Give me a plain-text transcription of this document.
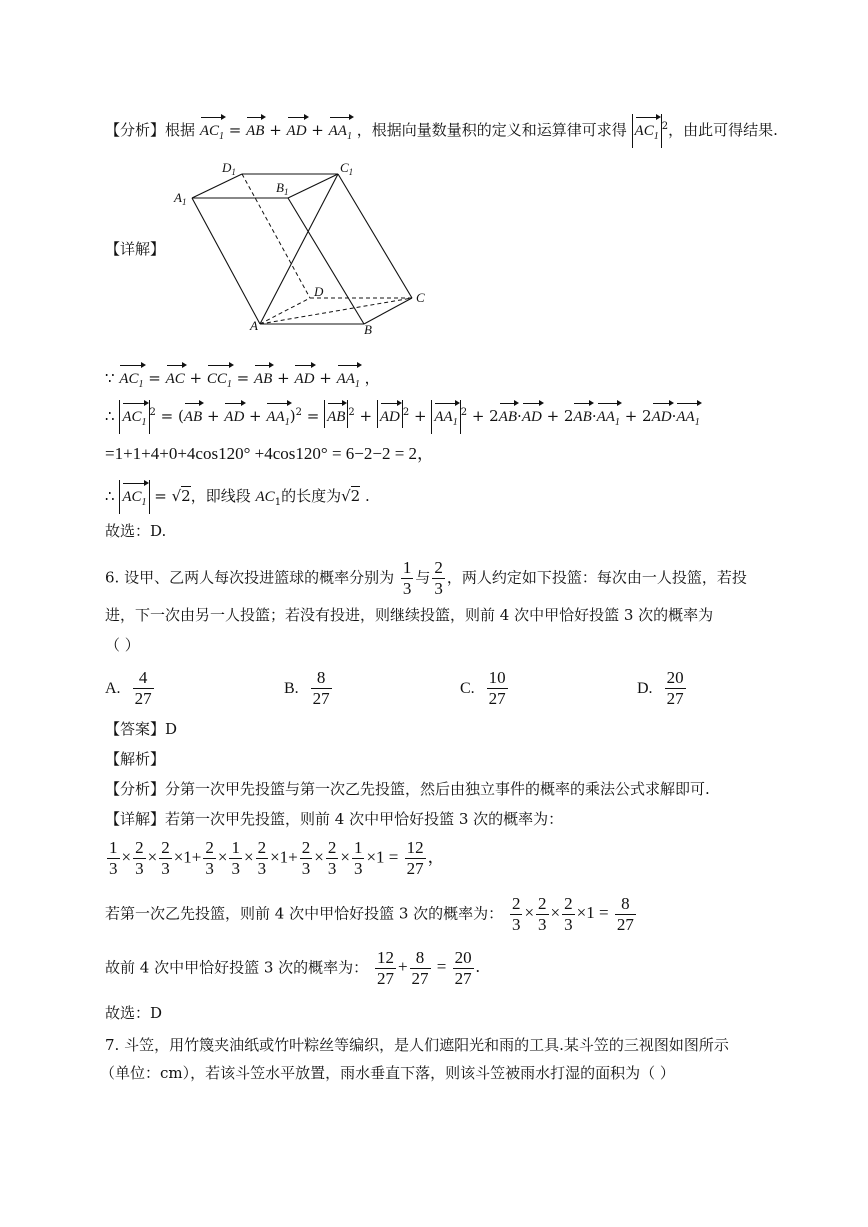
【分析】根据 $AC_1$ = AB + AD + $AA_1$ ，根据向量数量积的定义和运算律可求得 $AC_1^2$，由此可得结果.
【详解】
$D_1$	$C_1$
$A_1$
$B_1$
D	C
A	B
∵ $AC_1$ = AC + $CC_1$ = AB + AD + $AA_1$ ，
∴ $AC_1^2 = (AB$ + AD + $AA_1)^2$ = AB $^2$ + AD $^2 + AA_1^2 + 2AB\cdot AD + 2AB\cdot AA_1 + 2AD\cdot AA_1$
=1+1+4+0+4cos120° +4cos120° = 6−2−2 = 2，
∴ $AC_1 = √2$，即线段 $AC_1$的长度为√2 .
故选：D.
6. 设甲、乙两人每次投进篮球的概率分别为 $\frac{1}{3}$ 与 $\frac{2}{3}$ ，两人约定如下投篮：每次由一人投篮，若投
进，下一次由另一人投篮；若没有投进，则继续投篮，则前 4 次中甲恰好投篮 3 次的概率为
（ ）
A. $\frac{4}{27}$	B. $\frac{8}{27}$	C. $\frac{10}{27}$	D. $\frac{20}{27}$
【答案】D
【解析】
【分析】分第一次甲先投篮与第一次乙先投篮，然后由独立事件的概率的乘法公式求解即可.
【详解】若第一次甲先投篮，则前 4 次中甲恰好投篮 3 次的概率为：
$\frac{1}{3} \times \frac{2}{3} \times \frac{2}{3} \times 1+ \frac{2}{3} \times \frac{1}{3} \times \frac{2}{3} \times 1+ \frac{2}{3} \times \frac{2}{3} \times \frac{1}{3} \times 1 = \frac{12}{27}$ ，
若第一次乙先投篮，则前 4 次中甲恰好投篮 3 次的概率为： $\frac{2}{3} \times \frac{2}{3} \times \frac{2}{3} \times 1 = \frac{8}{27}$
故前 4 次中甲恰好投篮 3 次的概率为： $\frac{12}{27} + \frac{8}{27} = \frac{20}{27}$ .
故选：D
7. 斗笠，用竹篾夹油纸或竹叶粽丝等编织，是人们遮阳光和雨的工具.某斗笠的三视图如图所示
（单位：cm），若该斗笠水平放置，雨水垂直下落，则该斗笠被雨水打湿的面积为（ ）
